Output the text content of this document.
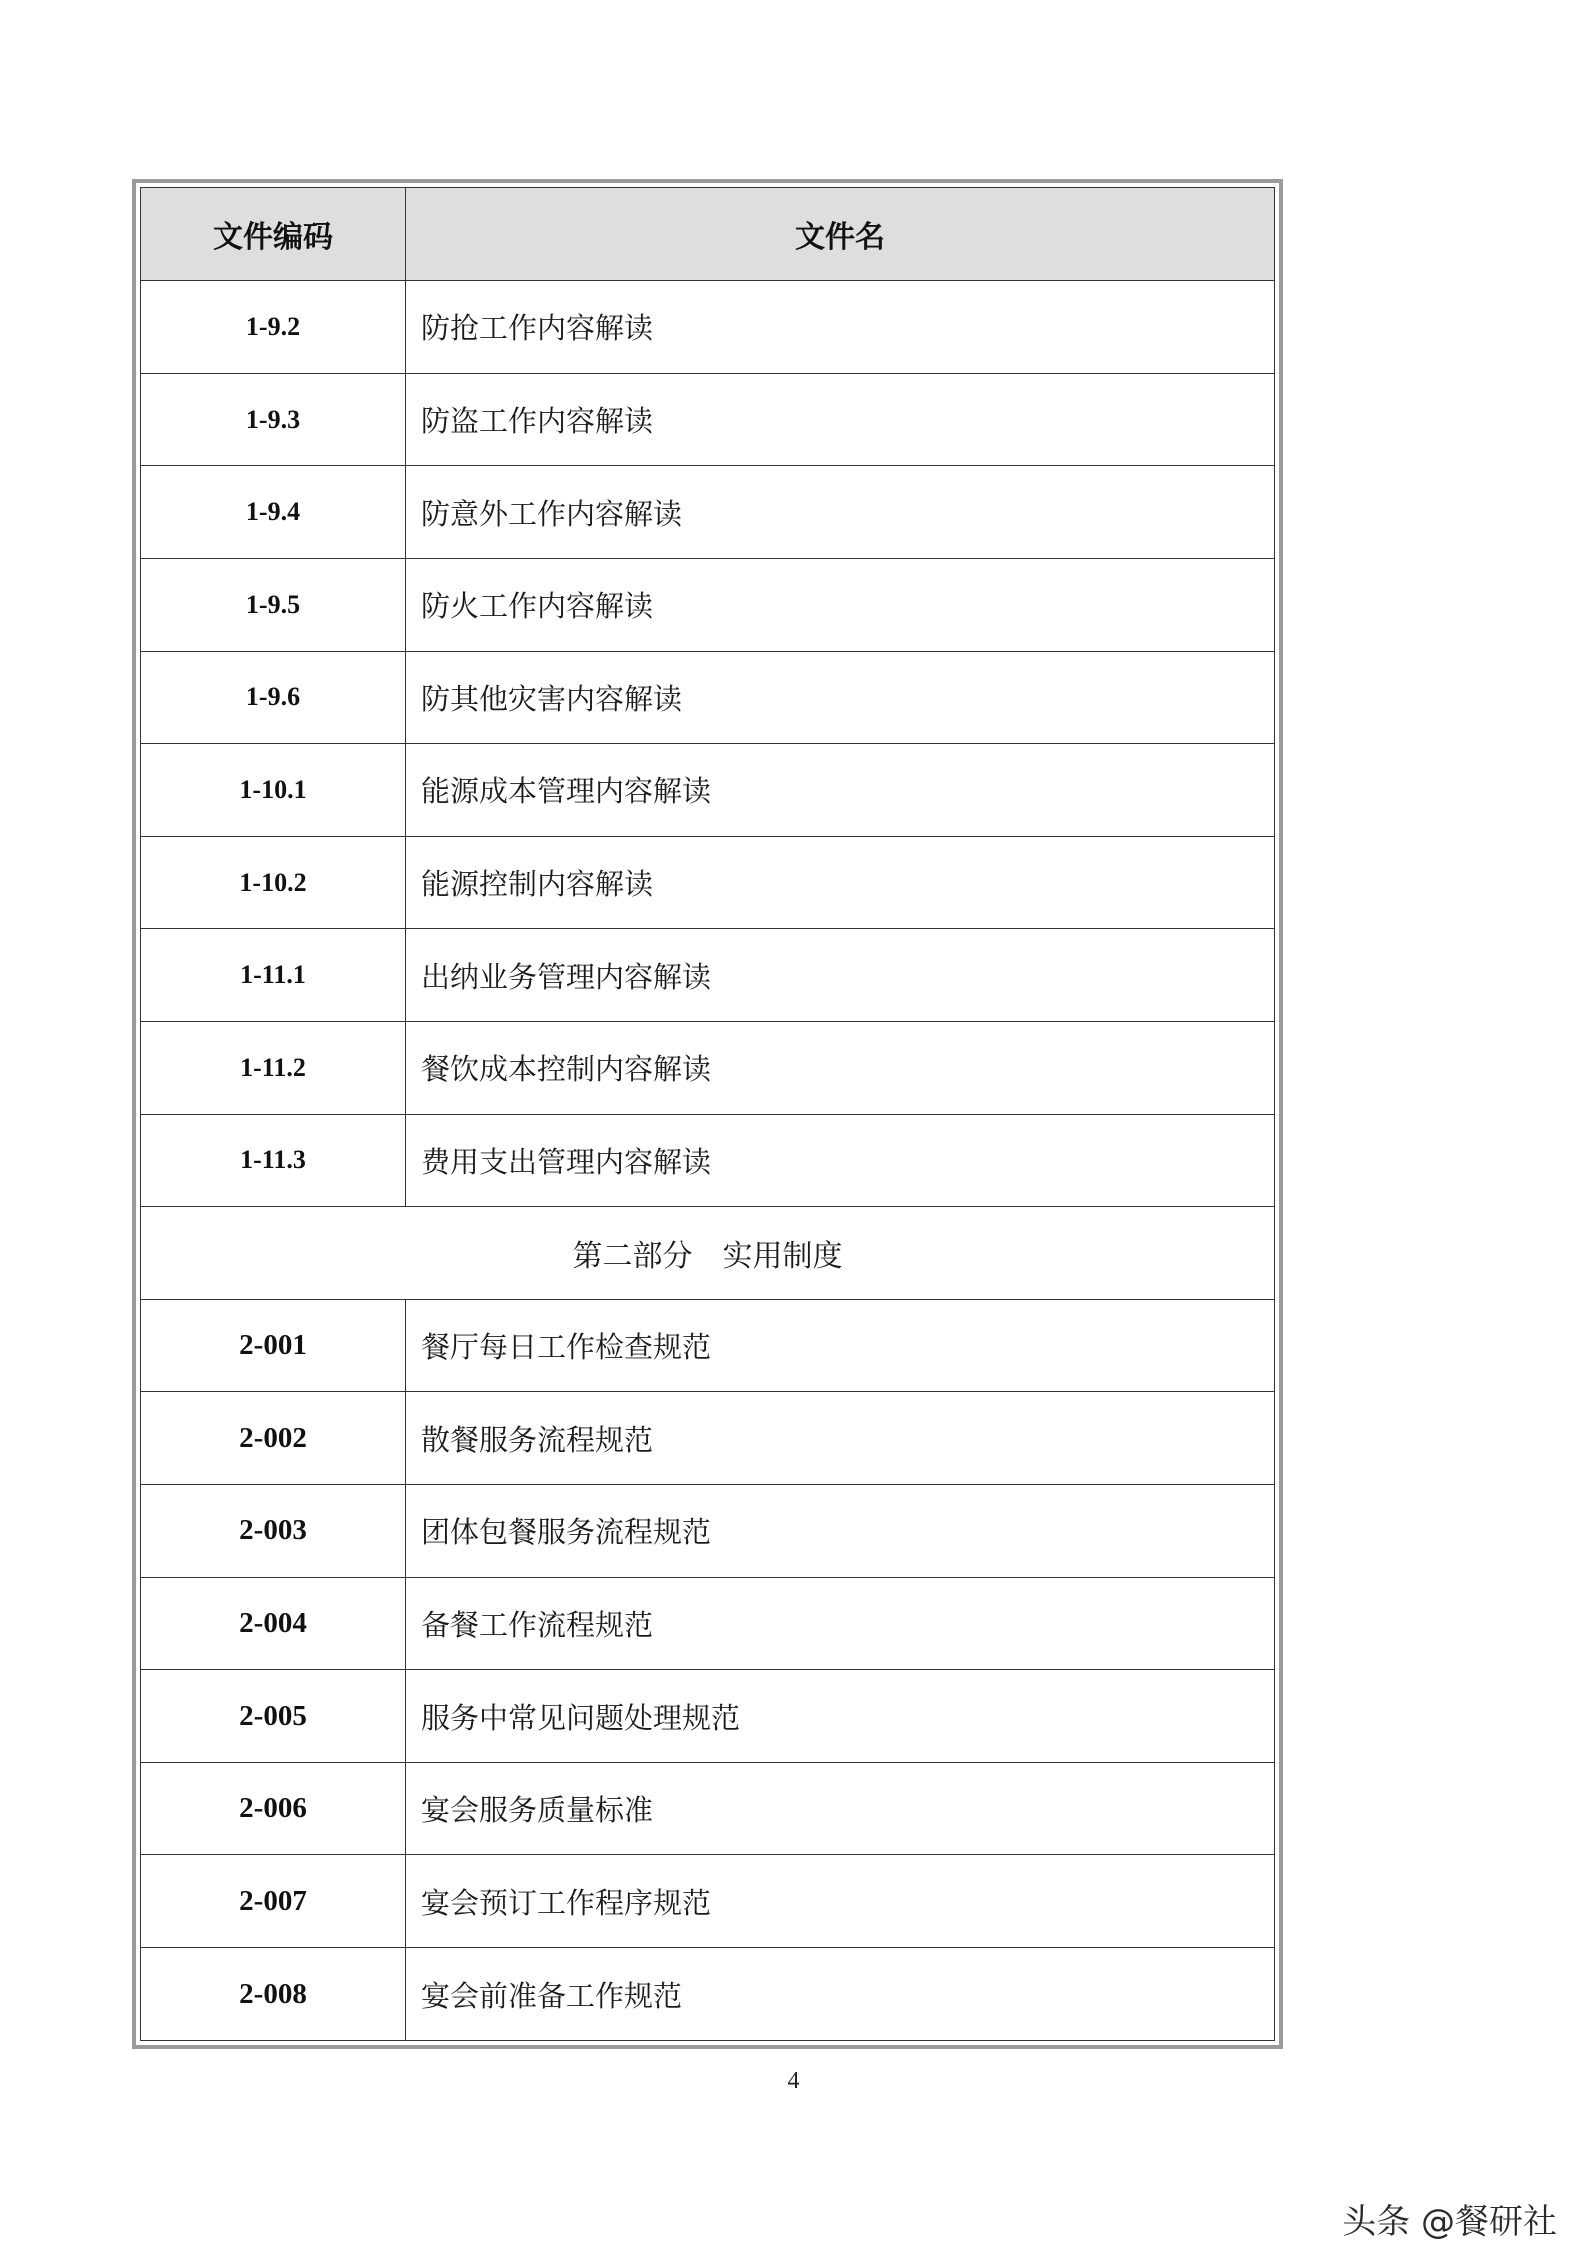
文件编码	文件名
1-9.2	防抢工作内容解读
1-9.3	防盗工作内容解读
1-9.4	防意外工作内容解读
1-9.5	防火工作内容解读
1-9.6	防其他灾害内容解读
1-10.1	能源成本管理内容解读
1-10.2	能源控制内容解读
1-11.1	出纳业务管理内容解读
1-11.2	餐饮成本控制内容解读
1-11.3	费用支出管理内容解读
第二部分　实用制度	
2-001	餐厅每日工作检查规范
2-002	散餐服务流程规范
2-003	团体包餐服务流程规范
2-004	备餐工作流程规范
2-005	服务中常见问题处理规范
2-006	宴会服务质量标准
2-007	宴会预订工作程序规范
2-008	宴会前准备工作规范
4
头条 @餐研社
